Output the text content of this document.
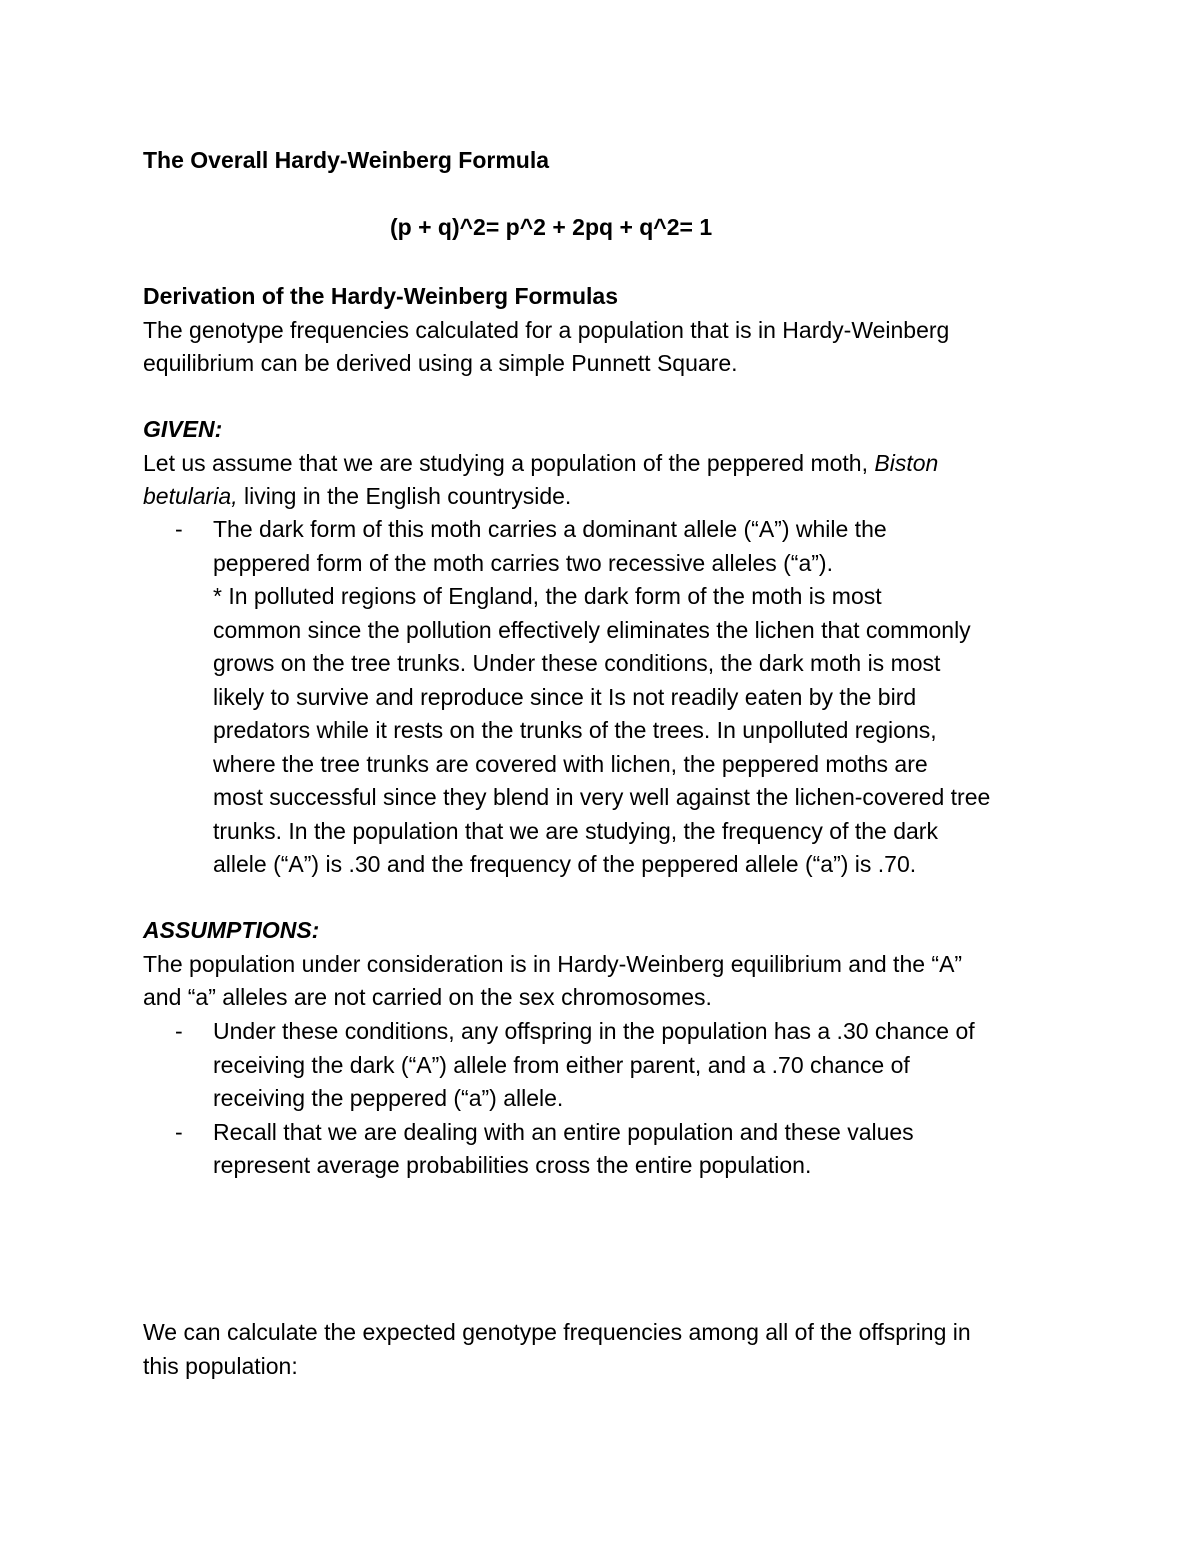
The Overall Hardy-Weinberg Formula
(p + q)^2= p^2 + 2pq + q^2= 1
Derivation of the Hardy-Weinberg Formulas
The genotype frequencies calculated for a population that is in Hardy-Weinberg
equilibrium can be derived using a simple Punnett Square.
GIVEN:
Let us assume that we are studying a population of the peppered moth, Biston
betularia, living in the English countryside.
- The dark form of this moth carries a dominant allele (“A”) while the
peppered form of the moth carries two recessive alleles (“a”).
* In polluted regions of England, the dark form of the moth is most
common since the pollution effectively eliminates the lichen that commonly
grows on the tree trunks. Under these conditions, the dark moth is most
likely to survive and reproduce since it Is not readily eaten by the bird
predators while it rests on the trunks of the trees. In unpolluted regions,
where the tree trunks are covered with lichen, the peppered moths are
most successful since they blend in very well against the lichen-covered tree
trunks. In the population that we are studying, the frequency of the dark
allele (“A”) is .30 and the frequency of the peppered allele (“a”) is .70.
ASSUMPTIONS:
The population under consideration is in Hardy-Weinberg equilibrium and the “A”
and “a” alleles are not carried on the sex chromosomes.
- Under these conditions, any offspring in the population has a .30 chance of
receiving the dark (“A”) allele from either parent, and a .70 chance of
receiving the peppered (“a”) allele.
- Recall that we are dealing with an entire population and these values
represent average probabilities cross the entire population.
We can calculate the expected genotype frequencies among all of the offspring in
this population:
